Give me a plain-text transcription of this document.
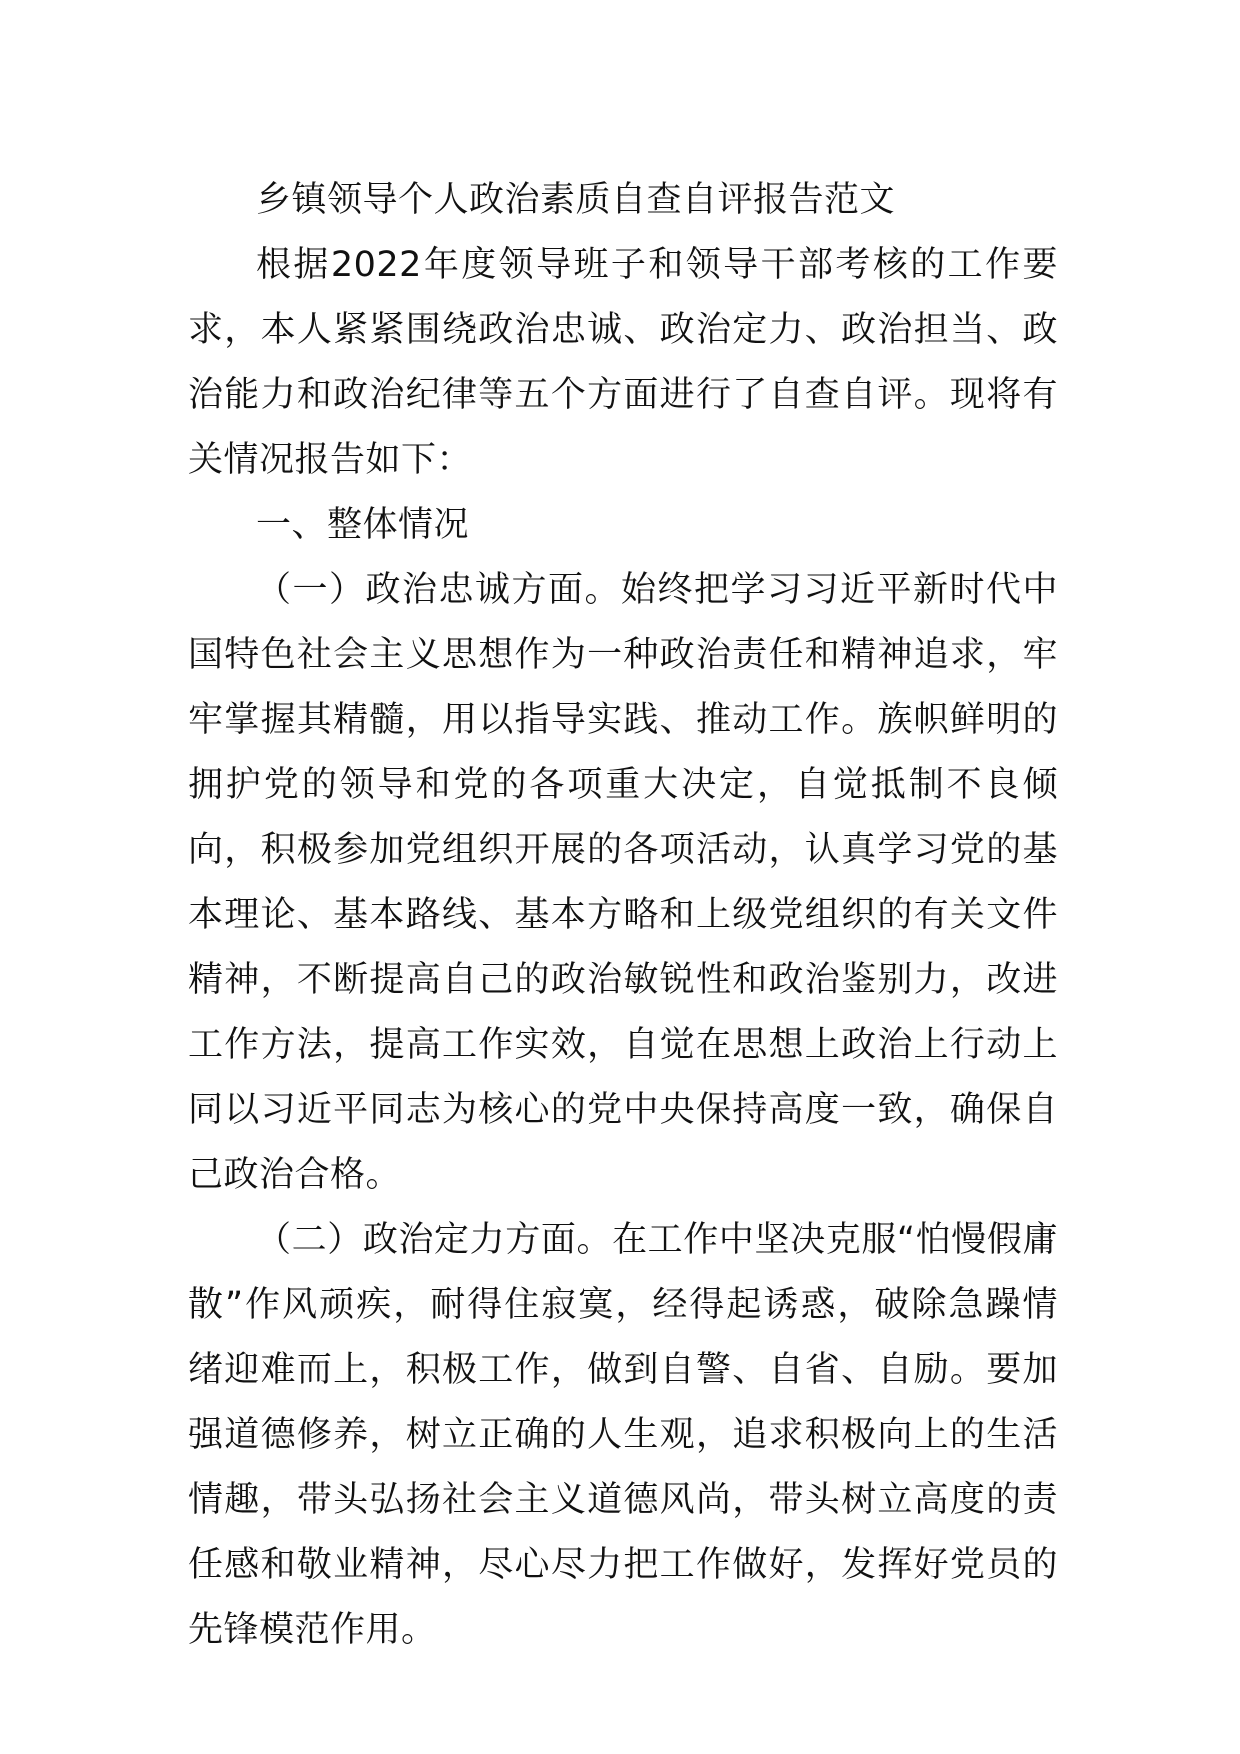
乡镇领导个人政治素质自查自评报告范文

根据2022年度领导班子和领导干部考核的工作要求，本人紧紧围绕政治忠诚、政治定力、政治担当、政治能力和政治纪律等五个方面进行了自查自评。现将有关情况报告如下：

一、整体情况

（一）政治忠诚方面。始终把学习习近平新时代中国特色社会主义思想作为一种政治责任和精神追求，牢牢掌握其精髓，用以指导实践、推动工作。族帜鲜明的拥护党的领导和党的各项重大决定，自觉抵制不良倾向，积极参加党组织开展的各项活动，认真学习党的基本理论、基本路线、基本方略和上级党组织的有关文件精神，不断提高自己的政治敏锐性和政治鉴别力，改进工作方法，提高工作实效，自觉在思想上政治上行动上同以习近平同志为核心的党中央保持高度一致，确保自己政治合格。

（二）政治定力方面。在工作中坚决克服“怕慢假庸散”作风顽疾，耐得住寂寞，经得起诱惑，破除急躁情绪迎难而上，积极工作，做到自警、自省、自励。要加强道德修养，树立正确的人生观，追求积极向上的生活情趣，带头弘扬社会主义道德风尚，带头树立高度的责任感和敬业精神，尽心尽力把工作做好，发挥好党员的先锋模范作用。
